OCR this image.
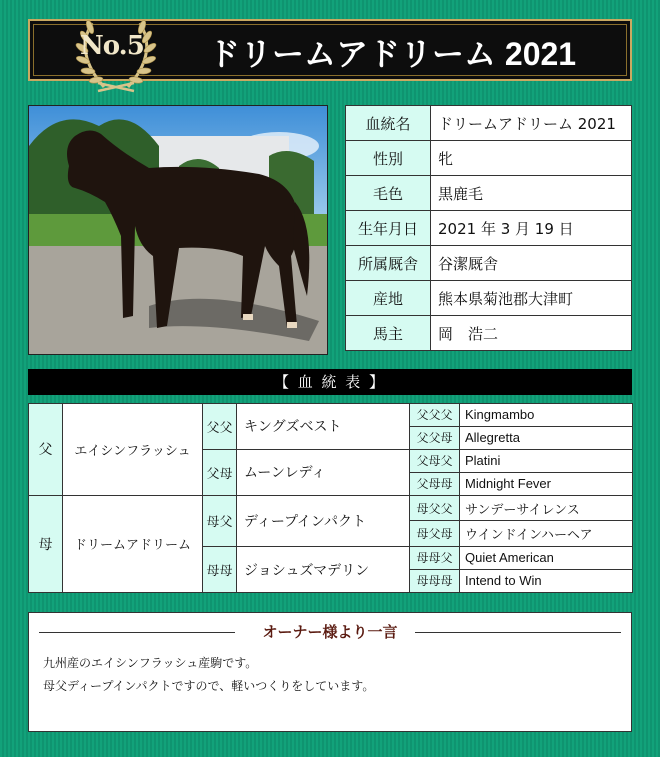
No.5 ドリームアドリーム 2021
血統名	ドリームアドリーム 2021
性別	牝
毛色	黒鹿毛
生年月日	2021 年 3 月 19 日
所属厩舎	谷潔厩舎
産地	熊本県菊池郡大津町
馬主	岡　浩二
【 血 統 表 】
父	エイシンフラッシュ	父父	キングズベスト	父父父	Kingmambo
				父父母	Allegretta
		父母	ムーンレディ	父母父	Platini
				父母母	Midnight Fever
母	ドリームアドリーム	母父	ディープインパクト	母父父	サンデーサイレンス
				母父母	ウインドインハーヘア
		母母	ジョシュズマデリン	母母父	Quiet American
				母母母	Intend to Win
オーナー様より一言
九州産のエイシンフラッシュ産駒です。
母父ディープインパクトですので、軽いつくりをしています。
